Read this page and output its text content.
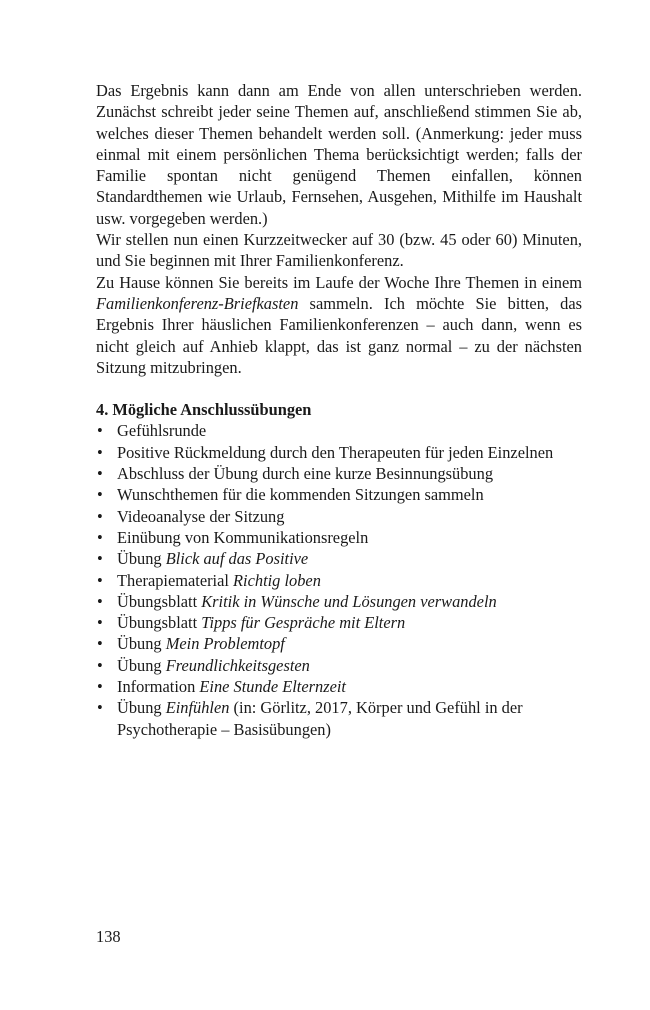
Das Ergebnis kann dann am Ende von allen unterschrieben werden. Zunächst schreibt jeder seine Themen auf, anschließend stimmen Sie ab, welches dieser Themen behandelt werden soll. (Anmerkung: jeder muss einmal mit einem persönlichen Thema berücksichtigt werden; falls der Familie spontan nicht genügend Themen einfallen, können Standardthemen wie Urlaub, Fernsehen, Ausgehen, Mithilfe im Haushalt usw. vorgegeben werden.)

Wir stellen nun einen Kurzzeitwecker auf 30 (bzw. 45 oder 60) Minuten, und Sie beginnen mit Ihrer Familienkonferenz.

Zu Hause können Sie bereits im Laufe der Woche Ihre Themen in einem Familienkonferenz-Briefkasten sammeln. Ich möchte Sie bitten, das Ergebnis Ihrer häuslichen Familienkonferenzen – auch dann, wenn es nicht gleich auf Anhieb klappt, das ist ganz normal – zu der nächsten Sitzung mitzubringen.

4. Mögliche Anschlussübungen

• Gefühlsrunde
• Positive Rückmeldung durch den Therapeuten für jeden Einzelnen
• Abschluss der Übung durch eine kurze Besinnungsübung
• Wunschthemen für die kommenden Sitzungen sammeln
• Videoanalyse der Sitzung
• Einübung von Kommunikationsregeln
• Übung Blick auf das Positive
• Therapiematerial Richtig loben
• Übungsblatt Kritik in Wünsche und Lösungen verwandeln
• Übungsblatt Tipps für Gespräche mit Eltern
• Übung Mein Problemtopf
• Übung Freundlichkeitsgesten
• Information Eine Stunde Elternzeit
• Übung Einfühlen (in: Görlitz, 2017, Körper und Gefühl in der Psychotherapie – Basisübungen)
138
